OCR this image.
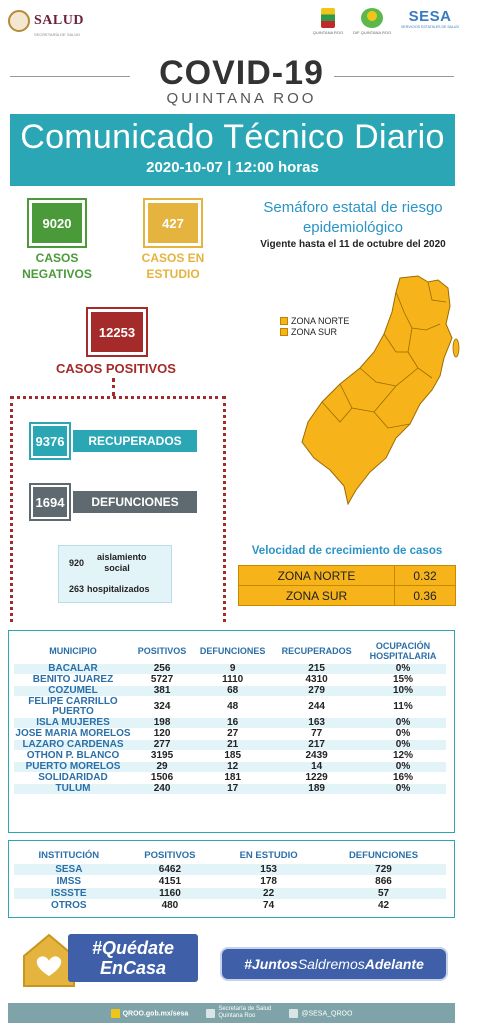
SALUD
SECRETARÍA DE SALUD	QUINTANA ROO	DIF QUINTANA ROO
SESA
SERVICIOS ESTATALES DE SALUD
COVID-19
QUINTANA ROO
Comunicado Técnico Diario
2020-10-07 | 12:00 horas
9020
CASOS
NEGATIVOS
427
CASOS EN
ESTUDIO
12253
CASOS POSITIVOS
9376	RECUPERADOS
1694	DEFUNCIONES
920
aislamiento
social
263 hospitalizados
Semáforo estatal de riesgo epidemiológico
Vigente hasta el 11 de octubre del 2020
ZONA NORTE
ZONA SUR
Velocidad de crecimiento de casos
ZONA NORTE	0.32
ZONA SUR	0.36
MUNICIPIO	POSITIVOS	DEFUNCIONES	RECUPERADOS	OCUPACIÓN HOSPITALARIA
BACALAR	256	9	215	0%
BENITO JUAREZ	5727	1110	4310	15%
COZUMEL	381	68	279	10%
FELIPE CARRILLO PUERTO	324	48	244	11%
ISLA MUJERES	198	16	163	0%
JOSE MARIA MORELOS	120	27	77	0%
LAZARO CARDENAS	277	21	217	0%
OTHON P. BLANCO	3195	185	2439	12%
PUERTO MORELOS	29	12	14	0%
SOLIDARIDAD	1506	181	1229	16%
TULUM	240	17	189	0%
INSTITUCIÓN	POSITIVOS	EN ESTUDIO	DEFUNCIONES
SESA	6462	153	729
IMSS	4151	178	866
ISSSTE	1160	22	57
OTROS	480	74	42
#Quédate
EnCasa	#Juntos Saldremos Adelante
QROO.gob.mx/sesa
Secretaría de Salud
Quintana Roo	@SESA_QROO
